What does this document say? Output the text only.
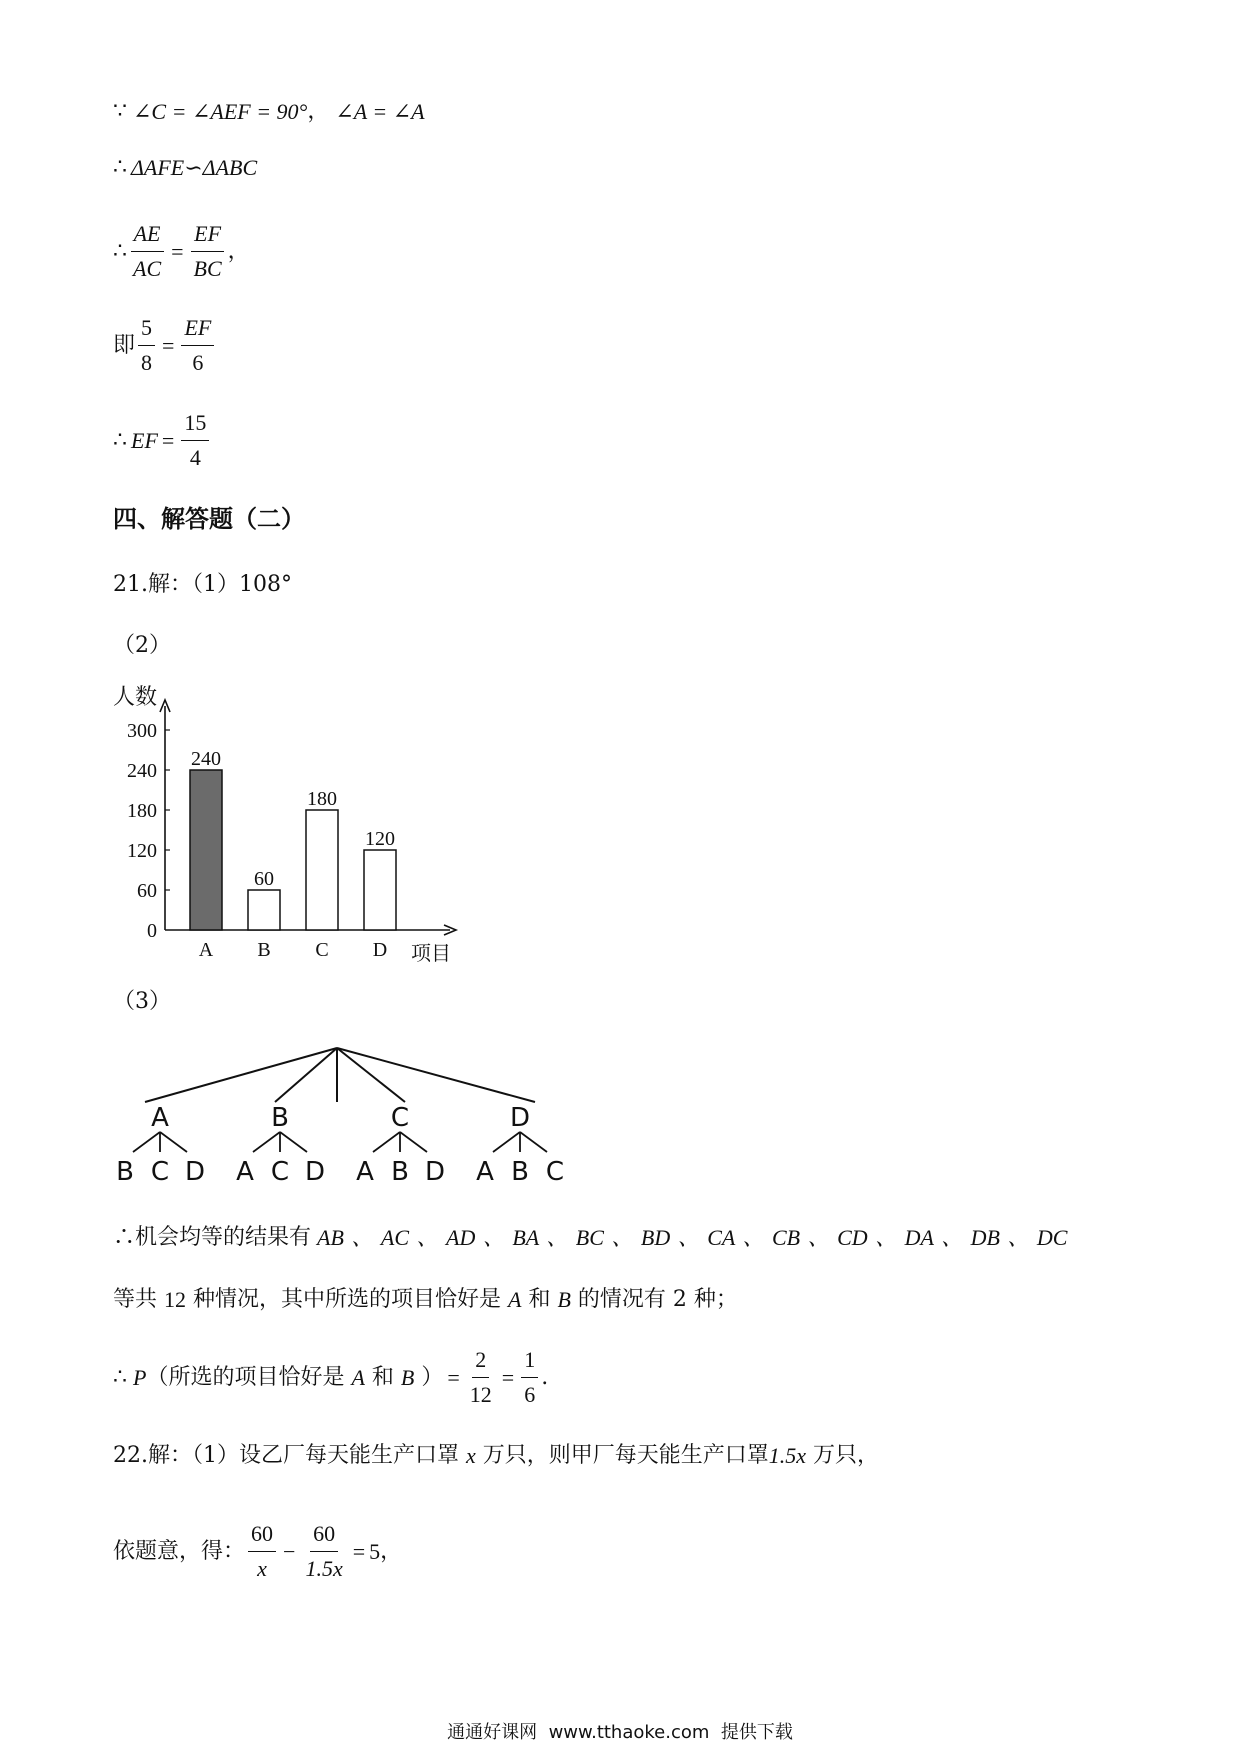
∵ ∠C = ∠AEF = 90° ， ∠A = ∠A
∴ ΔAFE∽ΔABC
∴ $\frac{AE}{AC} = \frac{EF}{BC}$ ，
即 $\frac{5}{8} = \frac{EF}{6}$
∴ EF = $\frac{15}{4}$
四、解答题（二）
21.解：（1）108°
（2）
人数
项目
0
60
120
180
240
300
240
A
60
B
180
C
120
D
（3）
A
B C D
B
A C D
C
A B D
D
A B C
∴机会均等的结果有 AB 、 AC 、 AD 、 BA 、 BC 、 BD 、 CA 、 CB 、 CD 、 DA 、 DB 、 DC
等共 12 种情况，其中所选的项目恰好是 A 和 B 的情况有 2 种；
∴ P （所选的项目恰好是 A 和 B ） = $\frac{2}{12} = \frac{1}{6}$ .
22.解：（1）设乙厂每天能生产口罩 x 万只，则甲厂每天能生产口罩 1.5x 万只，
依题意，得： $\frac{60}{x} - \frac{60}{1.5x} = 5$ ，
通通好课网  www.tthaoke.com  提供下载
